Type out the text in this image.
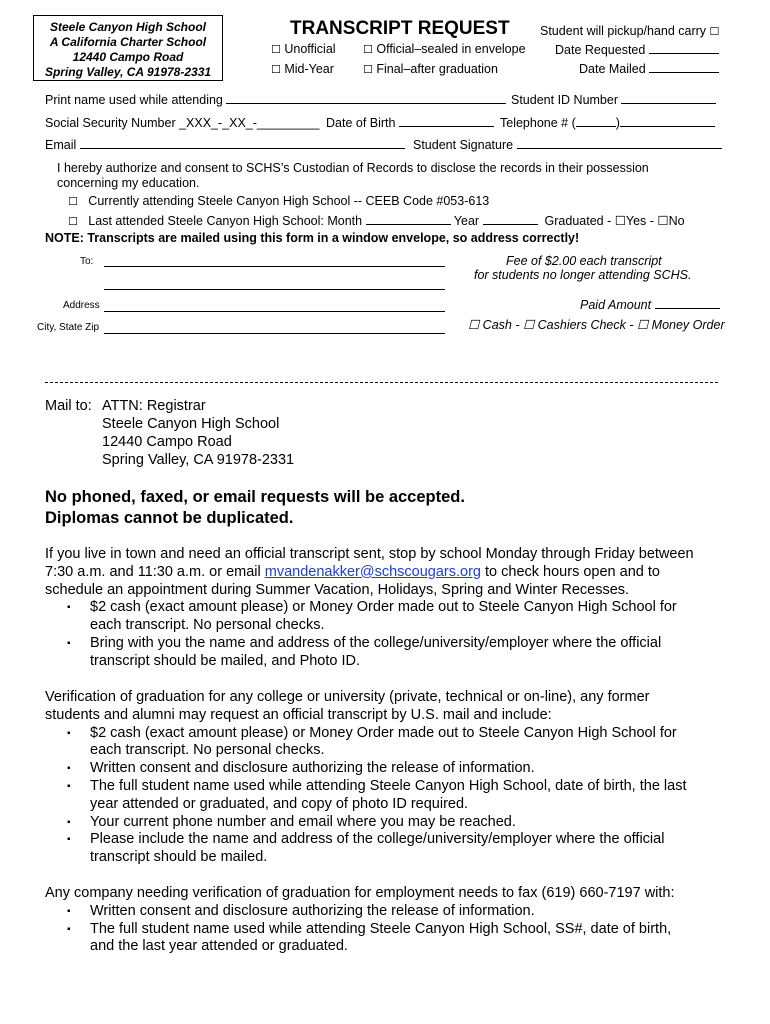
Steele Canyon High School
A California Charter School
12440 Campo Road
Spring Valley, CA 91978-2331
TRANSCRIPT REQUEST
☐ Unofficial
☐ Mid-Year
☐ Official–sealed in envelope
☐ Final–after graduation
Student will pickup/hand carry ☐
Date Requested
Date Mailed
Print name used while attending	Student ID Number
Social Security Number _XXX_-_XX_-_________ Date of Birth	Telephone # (	)
Email	Student Signature
I hereby authorize and consent to SCHS’s Custodian of Records to disclose the records in their possession
concerning my education.
☐ Currently attending Steele Canyon High School -- CEEB Code #053-613
☐ Last attended Steele Canyon High School: Month	Year	Graduated - ☐Yes - ☐No
NOTE: Transcripts are mailed using this form in a window envelope, so address correctly!
To:
Address
City, State Zip
Fee of $2.00 each transcript
for students no longer attending SCHS.
Paid Amount
☐ Cash - ☐ Cashiers Check - ☐ Money Order
Mail to: ATTN: Registrar
Steele Canyon High School
12440 Campo Road
Spring Valley, CA 91978-2331
No phoned, faxed, or email requests will be accepted.
Diplomas cannot be duplicated.
If you live in town and need an official transcript sent, stop by school Monday through Friday between
7:30 a.m. and 11:30 a.m. or email mvandenakker@schscougars.org to check hours open and to
schedule an appointment during Summer Vacation, Holidays, Spring and Winter Recesses.
▪ $2 cash (exact amount please) or Money Order made out to Steele Canyon High School for
each transcript. No personal checks.
▪ Bring with you the name and address of the college/university/employer where the official
transcript should be mailed, and Photo ID.
Verification of graduation for any college or university (private, technical or on-line), any former
students and alumni may request an official transcript by U.S. mail and include:
▪ $2 cash (exact amount please) or Money Order made out to Steele Canyon High School for
each transcript. No personal checks.
▪ Written consent and disclosure authorizing the release of information.
▪ The full student name used while attending Steele Canyon High School, date of birth, the last
year attended or graduated, and copy of photo ID required.
▪ Your current phone number and email where you may be reached.
▪ Please include the name and address of the college/university/employer where the official
transcript should be mailed.
Any company needing verification of graduation for employment needs to fax (619) 660-7197 with:
▪ Written consent and disclosure authorizing the release of information.
▪ The full student name used while attending Steele Canyon High School, SS#, date of birth,
and the last year attended or graduated.
